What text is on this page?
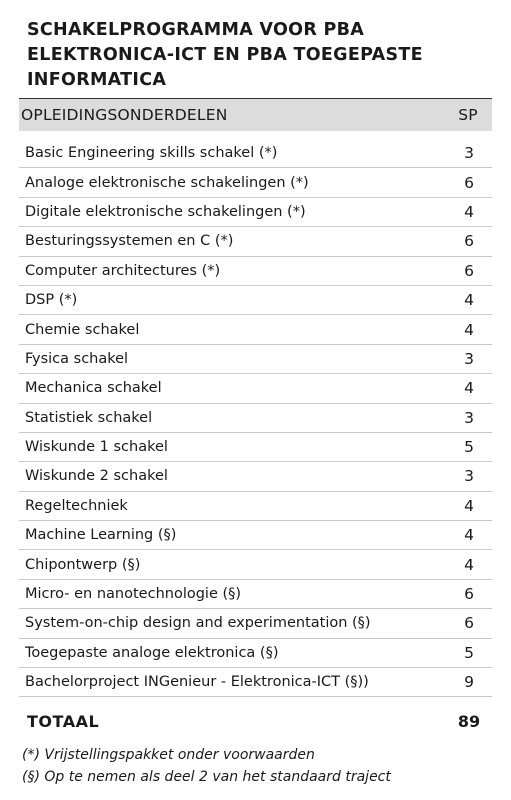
SCHAKELPROGRAMMA VOOR PBA
ELEKTRONICA-ICT EN PBA TOEGEPASTE
INFORMATICA
OPLEIDINGSONDERDELEN	SP
Basic Engineering skills schakel (*)	3
Analoge elektronische schakelingen (*)	6
Digitale elektronische schakelingen (*)	4
Besturingssystemen en C (*)	6
Computer architectures (*)	6
DSP (*)	4
Chemie schakel	4
Fysica schakel	3
Mechanica schakel	4
Statistiek schakel	3
Wiskunde 1 schakel	5
Wiskunde 2 schakel	3
Regeltechniek	4
Machine Learning (§)	4
Chipontwerp (§)	4
Micro- en nanotechnologie (§)	6
System-on-chip design and experimentation (§)	6
Toegepaste analoge elektronica (§)	5
Bachelorproject INGenieur - Elektronica-ICT (§))	9
TOTAAL	89
(*) Vrijstellingspakket onder voorwaarden
(§) Op te nemen als deel 2 van het standaard traject
